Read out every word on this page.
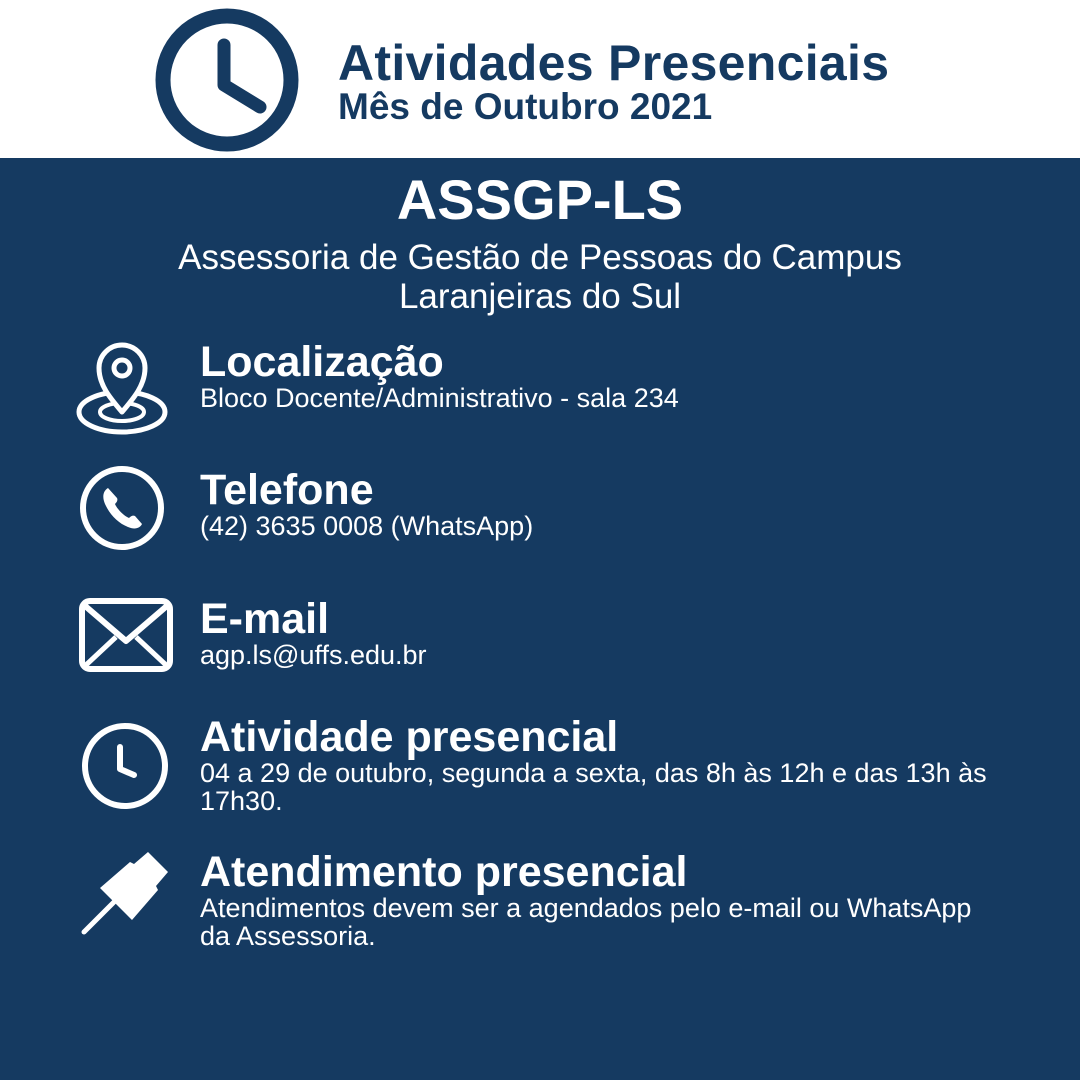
Atividades Presenciais
Mês de Outubro 2021
ASSGP-LS
Assessoria de Gestão de Pessoas do Campus Laranjeiras do Sul
Localização
Bloco Docente/Administrativo - sala 234
Telefone
(42) 3635 0008 (WhatsApp)
E-mail
agp.ls@uffs.edu.br
Atividade presencial
04 a 29 de outubro, segunda a sexta, das 8h às 12h e das 13h às 17h30.
Atendimento presencial
Atendimentos devem ser a agendados pelo e-mail ou WhatsApp da Assessoria.
